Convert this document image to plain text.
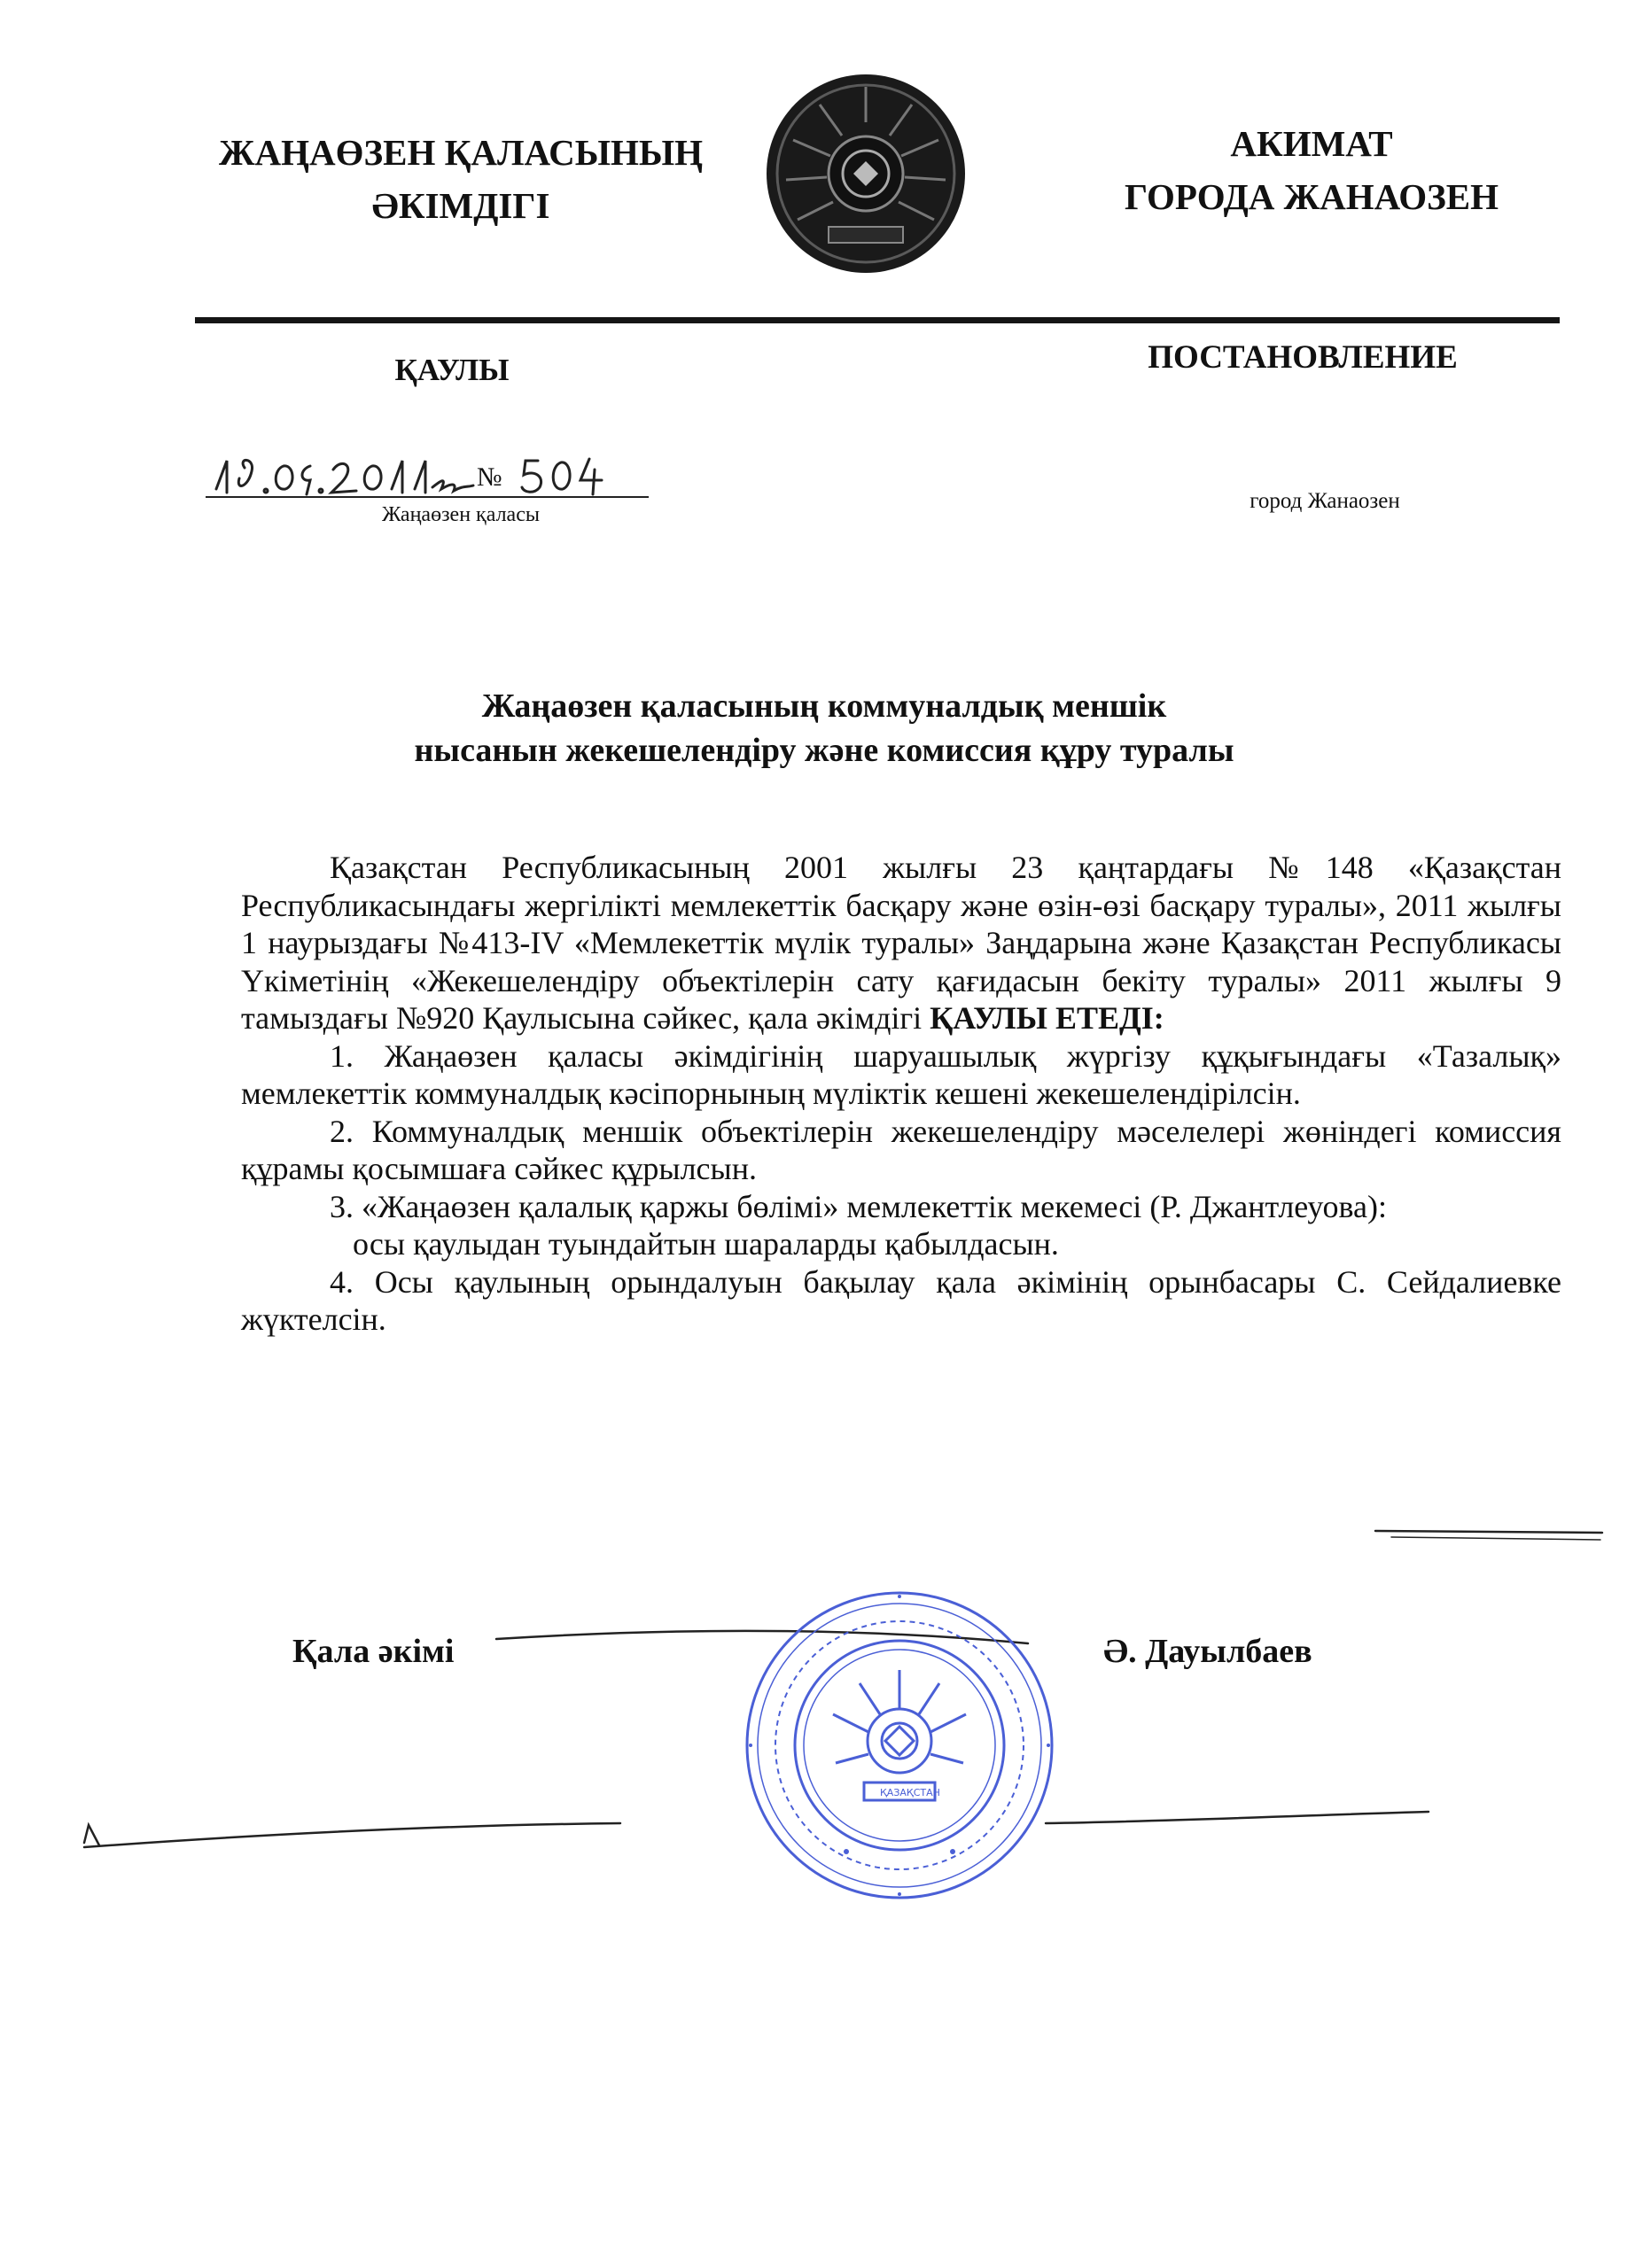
ЖАҢАӨЗЕН ҚАЛАСЫНЫҢ
ӘКІМДІГІ
АКИМАТ
ГОРОДА ЖАНАОЗЕН
ҚАУЛЫ	ПОСТАНОВЛЕНИЕ
19.09.2011ж
№
504
Жаңаөзен қаласы
город Жанаозен
Жаңаөзен қаласының коммуналдық меншік
нысанын жекешелендіру және комиссия құру туралы

Қазақстан Республикасының 2001 жылғы 23 қаңтардағы №148 «Қазақстан Республикасындағы жергілікті мемлекеттік басқару және өзін-өзі басқару туралы», 2011 жылғы 1 наурыздағы №413-IV «Мемлекеттік мүлік туралы» Заңдарына және Қазақстан Республикасы Үкіметінің «Жекешелендіру объектілерін сату қағидасын бекіту туралы» 2011 жылғы 9 тамыздағы №920 Қаулысына сәйкес, қала әкімдігі ҚАУЛЫ ЕТЕДІ:

1. Жаңаөзен қаласы әкімдігінің шаруашылық жүргізу құқығындағы «Тазалық» мемлекеттік коммуналдық кәсіпорнының мүліктік кешені жекешелендірілсін.

2. Коммуналдық меншік объектілерін жекешелендіру мәселелері жөніндегі комиссия құрамы қосымшаға сәйкес құрылсын.

3. «Жаңаөзен қалалық қаржы бөлімі» мемлекеттік мекемесі (Р. Джантлеуова):

осы қаулыдан туындайтын шараларды қабылдасын.

4. Осы қаулының орындалуын бақылау қала әкімінің орынбасары С. Сейдалиевке жүктелсін.

Қала әкімі	Ә. Дауылбаев
ҚАЗАҚСТАН
